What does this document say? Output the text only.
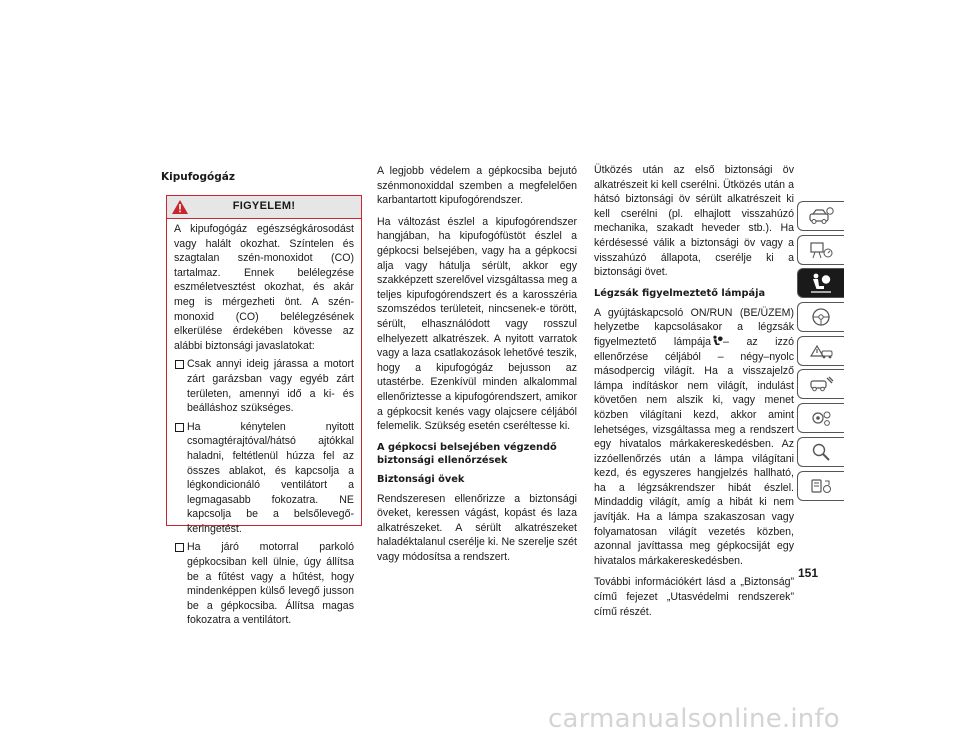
Kipufogógáz
FIGYELEM!

A kipufogógáz egészségkárosodást vagy halált okozhat. Színtelen és szagtalan szén-monoxidot (CO) tartalmaz. Ennek belélegzése eszméletvesztést okozhat, és akár meg is mérgezheti önt. A szén-monoxid (CO) belélegzésének elkerülése érdekében kövesse az alábbi biztonsági javaslatokat:

Csak annyi ideig járassa a motort zárt garázsban vagy egyéb zárt területen, amennyi idő a ki- és beálláshoz szükséges.
Ha kénytelen nyitott csomagtérajtóval/hátsó ajtókkal haladni, feltétlenül húzza fel az összes ablakot, és kapcsolja a légkondicionáló ventilátort a legmagasabb fokozatra. NE kapcsolja be a belsőlevegő-keringetést.
Ha járó motorral parkoló gépkocsiban kell ülnie, úgy állítsa be a fűtést vagy a hűtést, hogy mindenképpen külső levegő jusson be a gépkocsiba. Állítsa magas fokozatra a ventilátort.

A legjobb védelem a gépkocsiba bejutó szénmonoxiddal szemben a megfelelően karbantartott kipufogórendszer.

Ha változást észlel a kipufogórendszer hangjában, ha kipufogófüstöt észlel a gépkocsi belsejében, vagy ha a gépkocsi alja vagy hátulja sérült, akkor egy szakképzett szerelővel vizsgáltassa meg a teljes kipufogórendszert és a karosszéria szomszédos területeit, nincsenek-e törött, sérült, elhasználódott vagy rosszul elhelyezett alkatrészek. A nyitott varratok vagy a laza csatlakozások lehetővé teszik, hogy a kipufogógáz bejusson az utastérbe. Ezenkívül minden alkalommal ellenőriztesse a kipufogórendszert, amikor a gépkocsit kenés vagy olajcsere céljából felemelik. Szükség esetén cseréltesse ki.

A gépkocsi belsejében végzendő biztonsági ellenőrzések
Biztonsági övek

Rendszeresen ellenőrizze a biztonsági öveket, keressen vágást, kopást és laza alkatrészeket. A sérült alkatrészeket haladéktalanul cserélje ki. Ne szerelje szét vagy módosítsa a rendszert.

Ütközés után az első biztonsági öv alkatrészeit ki kell cserélni. Ütközés után a hátsó biztonsági öv sérült alkatrészeit ki kell cserélni (pl. elhajlott visszahúzó mechanika, szakadt heveder stb.). Ha kérdésessé válik a biztonsági öv vagy a visszahúzó állapota, cserélje ki a biztonsági övet.

Légzsák figyelmeztető lámpája

A gyújtáskapcsoló ON/RUN (BE/ÜZEM) helyzetbe kapcsolásakor a légzsák figyelmeztető lámpája – az izzó ellenőrzése céljából – négy–nyolc másodpercig világít. Ha a visszajelző lámpa indításkor nem világít, indulást követően nem alszik ki, vagy menet közben világítani kezd, akkor amint lehetséges, vizsgáltassa meg a rendszert egy hivatalos márkakereskedésben. Az izzóellenőrzés után a lámpa világítani kezd, és egyszeres hangjelzés hallható, ha a légzsákrendszer hibát észlel. Mindaddig világít, amíg a hibát ki nem javítják. Ha a lámpa szakaszosan vagy folyamatosan világít vezetés közben, azonnal javíttassa meg gépkocsiját egy hivatalos márkakereskedésben.

További információkért lásd a „Biztonság” című fejezet „Utasvédelmi rendszerek” című részét.

151
carmanualsonline.info
